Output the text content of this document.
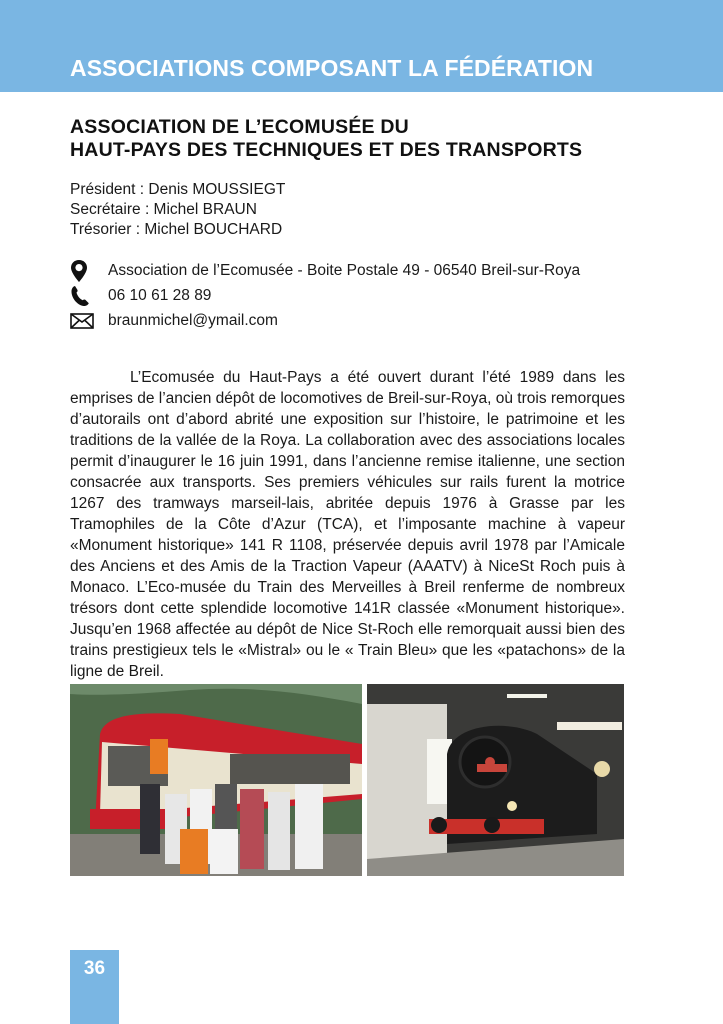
ASSOCIATIONS COMPOSANT LA FÉDÉRATION
ASSOCIATION DE L’ECOMUSÉE DU
HAUT-PAYS DES TECHNIQUES ET DES TRANSPORTS
Président : Denis MOUSSIEGT
Secrétaire : Michel BRAUN
Trésorier : Michel BOUCHARD
Association de l’Ecomusée - Boite Postale 49 - 06540 Breil-sur-Roya
06 10 61 28 89
braunmichel@ymail.com

L’Ecomusée du Haut-Pays a été ouvert durant l’été 1989 dans les emprises de l’ancien dépôt de locomotives de Breil-sur-Roya, où trois remorques d’autorails ont d’abord abrité une exposition sur l’histoire, le patrimoine et les traditions de la vallée de la Roya. La collaboration avec des associations locales permit d’inaugurer le 16 juin 1991, dans l’ancienne remise italienne, une section consacrée aux transports. Ses premiers véhicules sur rails furent la motrice 1267 des tramways marseil-lais, abritée depuis 1976 à Grasse par les Tramophiles de la Côte d’Azur (TCA), et l’imposante machine à vapeur «Monument historique» 141 R 1108, préservée depuis avril 1978 par l’Amicale des Anciens et des Amis de la Traction Vapeur (AAATV) à NiceSt Roch puis à Monaco. L’Eco-musée du Train des Merveilles à Breil renferme de nombreux trésors dont cette splendide locomotive 141R classée «Monument historique». Jusqu’en 1968 affectée au dépôt de Nice St-Roch elle remorquait aussi bien des trains prestigieux tels le «Mistral» ou le « Train Bleu» que les «patachons» de la ligne de Breil.

36
